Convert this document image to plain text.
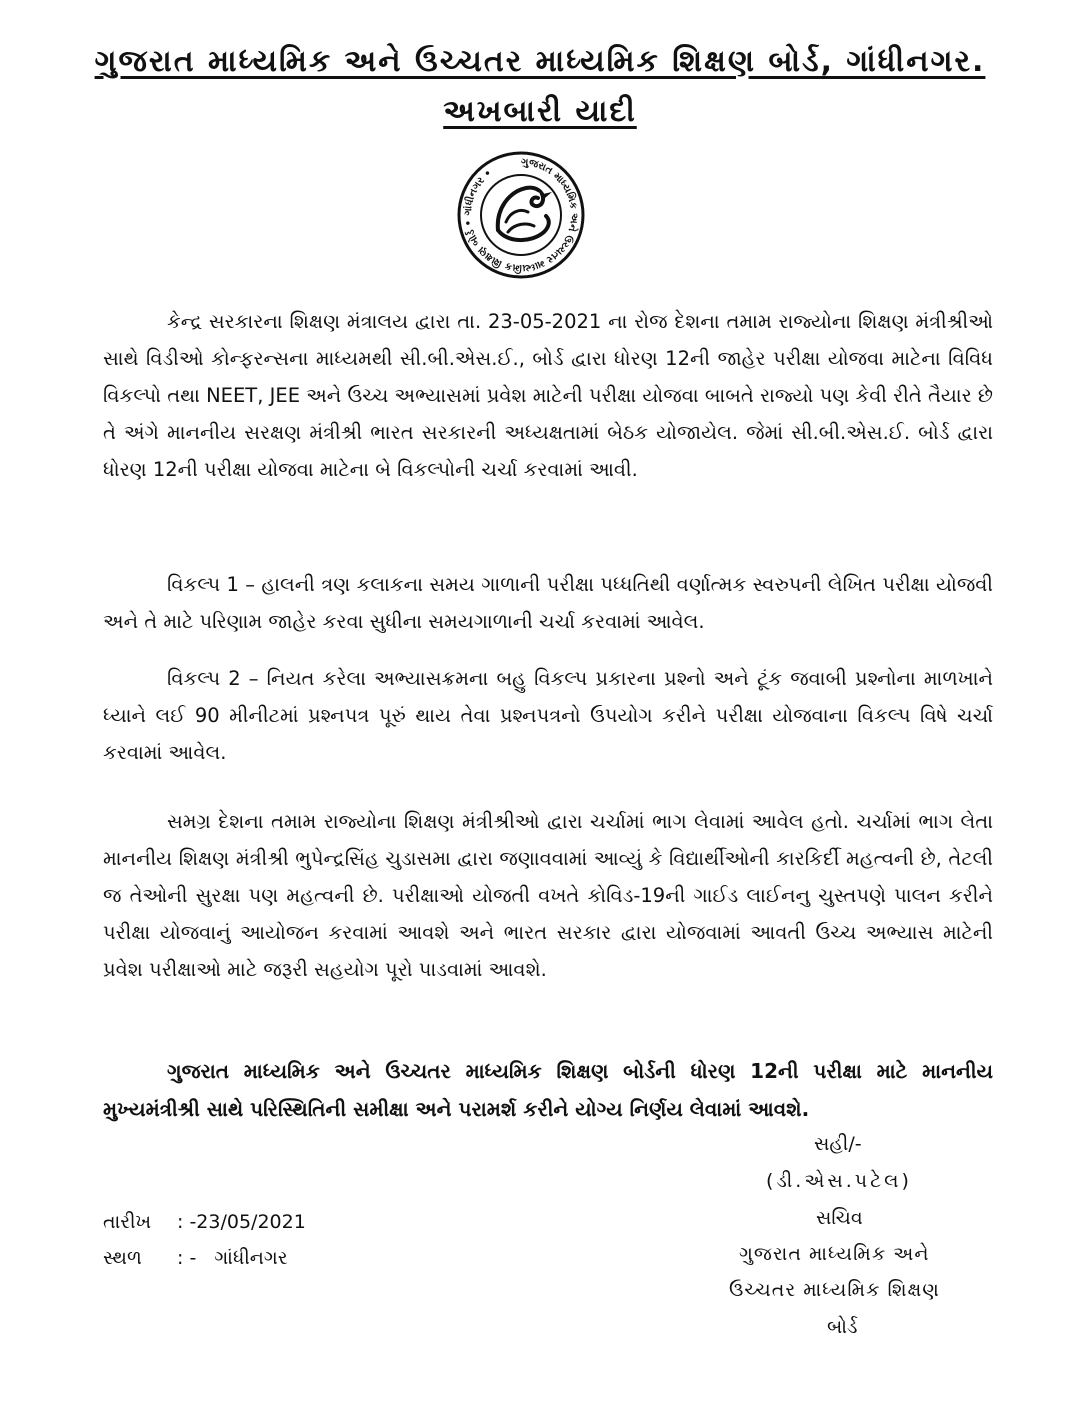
ગુજરાત માધ્યમિક અને ઉચ્ચતર માધ્યમિક શિક્ષણ બોર્ડ, ગાંધીનગર.
અખબારી યાદી
ગુજરાત માધ્યમિક અને ઉચ્ચતર માધ્યમિક શિક્ષણ બોર્ડ • ગાંધીનગર •

કેન્દ્ર સરકારના શિક્ષણ મંત્રાલય દ્વારા તા. 23-05-2021 ના રોજ દેશના તમામ રાજ્યોના શિક્ષણ મંત્રીશ્રીઓ સાથે વિડીઓ કોન્ફરન્સના માધ્યમથી સી.બી.એસ.ઈ., બોર્ડ દ્વારા ધોરણ 12ની જાહેર પરીક્ષા યોજવા માટેના વિવિધ વિકલ્પો તથા NEET, JEE અને ઉચ્ચ અભ્યાસમાં પ્રવેશ માટેની પરીક્ષા યોજવા બાબતે રાજ્યો પણ કેવી રીતે તૈયાર છે તે અંગે માનનીય સરક્ષણ મંત્રીશ્રી ભારત સરકારની અધ્યક્ષતામાં બેઠક યોજાયેલ. જેમાં સી.બી.એસ.ઈ. બોર્ડ દ્વારા ધોરણ 12ની પરીક્ષા યોજવા માટેના બે વિકલ્પોની ચર્ચા કરવામાં આવી.

વિકલ્પ 1 – હાલની ત્રણ કલાકના સમય ગાળાની પરીક્ષા પધ્ધતિથી વર્ણાત્મક સ્વરુપની લેખિત પરીક્ષા યોજવી અને તે માટે પરિણામ જાહેર કરવા સુધીના સમયગાળાની ચર્ચા કરવામાં આવેલ.

વિકલ્પ 2 – નિયત કરેલા અભ્યાસક્રમના બહુ વિકલ્પ પ્રકારના પ્રશ્નો અને ટૂંક જવાબી પ્રશ્નોના માળખાને ધ્યાને લઈ 90 મીનીટમાં પ્રશ્નપત્ર પૂરું થાય તેવા પ્રશ્નપત્રનો ઉપયોગ કરીને પરીક્ષા યોજવાના વિકલ્પ વિષે ચર્ચા કરવામાં આવેલ.

સમગ્ર દેશના તમામ રાજ્યોના શિક્ષણ મંત્રીશ્રીઓ દ્વારા ચર્ચામાં ભાગ લેવામાં આવેલ હતો. ચર્ચામાં ભાગ લેતા માનનીય શિક્ષણ મંત્રીશ્રી ભુપેન્દ્રસિંહ ચુડાસમા દ્વારા જણાવવામાં આવ્યું કે વિદ્યાર્થીઓની કારકિર્દી મહત્વની છે, તેટલી જ તેઓની સુરક્ષા પણ મહત્વની છે. પરીક્ષાઓ યોજતી વખતે કોવિડ-19ની ગાઈડ લાઈનનુ ચુસ્તપણે પાલન કરીને પરીક્ષા યોજવાનું આયોજન કરવામાં આવશે અને ભારત સરકાર દ્વારા યોજવામાં આવતી ઉચ્ચ અભ્યાસ માટેની પ્રવેશ પરીક્ષાઓ માટે જરૂરી સહયોગ પૂરો પાડવામાં આવશે.

ગુજરાત માધ્યમિક અને ઉચ્ચતર માધ્યમિક શિક્ષણ બોર્ડની ધોરણ 12ની પરીક્ષા માટે માનનીય મુખ્યમંત્રીશ્રી સાથે પરિસ્થિતિની સમીક્ષા અને પરામર્શ કરીને યોગ્ય નિર્ણય લેવામાં આવશે.
સહી/-
(ડી.એસ.પટેલ)
સચિવ
ગુજરાત માધ્યમિક અને
ઉચ્ચતર માધ્યમિક શિક્ષણ
બોર્ડ
તારીખ : -23/05/2021
સ્થળ : - ગાંધીનગર
